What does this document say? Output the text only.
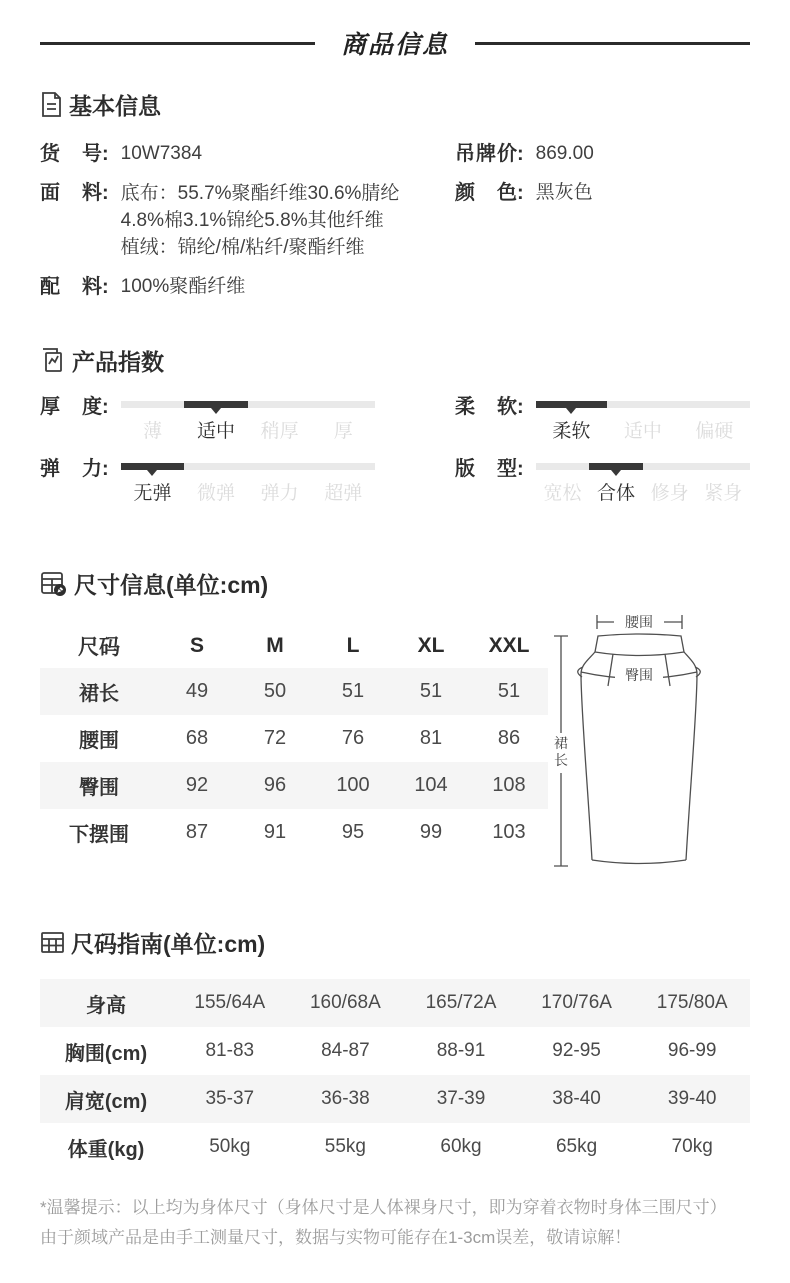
商品信息
基本信息
货 号 : 10W7384	吊 牌 价 : 869.00
面 料 : 底布：55.7%聚酯纤维30.6%腈纶
4.8%棉3.1%锦纶5.8%其他纤维
植绒：锦纶/棉/粘纤/聚酯纤维
颜 色 : 黑灰色
配 料 : 100%聚酯纤维
产品指数
厚 度 :
薄	适中	稍厚	厚
柔 软 :
柔软	适中	偏硬
弹 力 :
无弹	微弹	弹力	超弹
版 型 :
宽松 合体 修身 紧身
尺寸信息(单位:cm)
尺码	S	M	L	XL	XXL
裙长	49	50	51	51	51
腰围	68	72	76	81	86
臀围	92	96	100	104	108
下摆围	87	91	95	99	103
腰围
裙长
臀围
尺码指南(单位:cm)
身高	155/64A	160/68A	165/72A	170/76A	175/80A
胸围(cm)	81-83	84-87	88-91	92-95	96-99
肩宽(cm)	35-37	36-38	37-39	38-40	39-40
体重(kg)	50kg	55kg	60kg	65kg	70kg
*温馨提示：以上均为身体尺寸（身体尺寸是人体裸身尺寸，即为穿着衣物时身体三围尺寸）
由于颜域产品是由手工测量尺寸，数据与实物可能存在1-3cm误差，敬请谅解！
